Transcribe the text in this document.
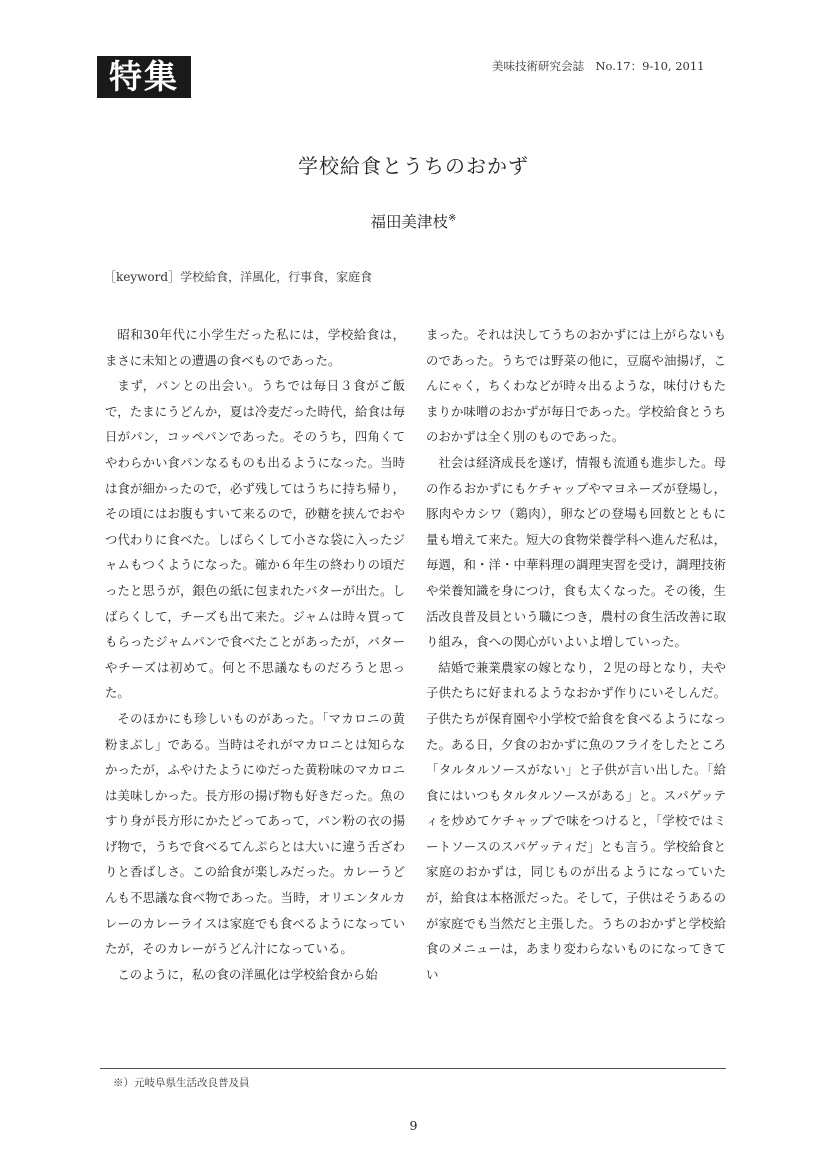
特集	美味技術研究会誌　No.17：9-10, 2011
学校給食とうちのおかず
福田美津枝※
［keyword］学校給食，洋風化，行事食，家庭食

昭和30年代に小学生だった私には，学校給食は，まさに未知との遭遇の食べものであった。

まず，パンとの出会い。うちでは毎日３食がご飯で，たまにうどんか，夏は冷麦だった時代，給食は毎日がパン，コッペパンであった。そのうち，四角くてやわらかい食パンなるものも出るようになった。当時は食が細かったので，必ず残してはうちに持ち帰り，その頃にはお腹もすいて来るので，砂糖を挟んでおやつ代わりに食べた。しばらくして小さな袋に入ったジャムもつくようになった。確か６年生の終わりの頃だったと思うが，銀色の紙に包まれたバターが出た。しばらくして，チーズも出て来た。ジャムは時々買ってもらったジャムパンで食べたことがあったが，バターやチーズは初めて。何と不思議なものだろうと思った。

そのほかにも珍しいものがあった。「マカロニの黄粉まぶし」である。当時はそれがマカロニとは知らなかったが，ふやけたようにゆだった黄粉味のマカロニは美味しかった。長方形の揚げ物も好きだった。魚のすり身が長方形にかたどってあって，パン粉の衣の揚げ物で，うちで食べるてんぷらとは大いに違う舌ざわりと香ばしさ。この給食が楽しみだった。カレーうどんも不思議な食べ物であった。当時，オリエンタルカレーのカレーライスは家庭でも食べるようになっていたが，そのカレーがうどん汁になっている。

このように，私の食の洋風化は学校給食から始

まった。それは決してうちのおかずには上がらないものであった。うちでは野菜の他に，豆腐や油揚げ，こんにゃく，ちくわなどが時々出るような，味付けもたまりか味噌のおかずが毎日であった。学校給食とうちのおかずは全く別のものであった。

社会は経済成長を遂げ，情報も流通も進歩した。母の作るおかずにもケチャップやマヨネーズが登場し，豚肉やカシワ（鶏肉），卵などの登場も回数とともに量も増えて来た。短大の食物栄養学科へ進んだ私は，毎週，和・洋・中華料理の調理実習を受け，調理技術や栄養知識を身につけ，食も太くなった。その後，生活改良普及員という職につき，農村の食生活改善に取り組み，食への関心がいよいよ増していった。

結婚で兼業農家の嫁となり，２児の母となり，夫や子供たちに好まれるようなおかず作りにいそしんだ。子供たちが保育園や小学校で給食を食べるようになった。ある日，夕食のおかずに魚のフライをしたところ「タルタルソースがない」と子供が言い出した。「給食にはいつもタルタルソースがある」と。スパゲッティを炒めてケチャップで味をつけると，「学校ではミートソースのスパゲッティだ」とも言う。学校給食と家庭のおかずは，同じものが出るようになっていたが，給食は本格派だった。そして，子供はそうあるのが家庭でも当然だと主張した。うちのおかずと学校給食のメニューは，あまり変わらないものになってきてい

※）元岐阜県生活改良普及員
9
